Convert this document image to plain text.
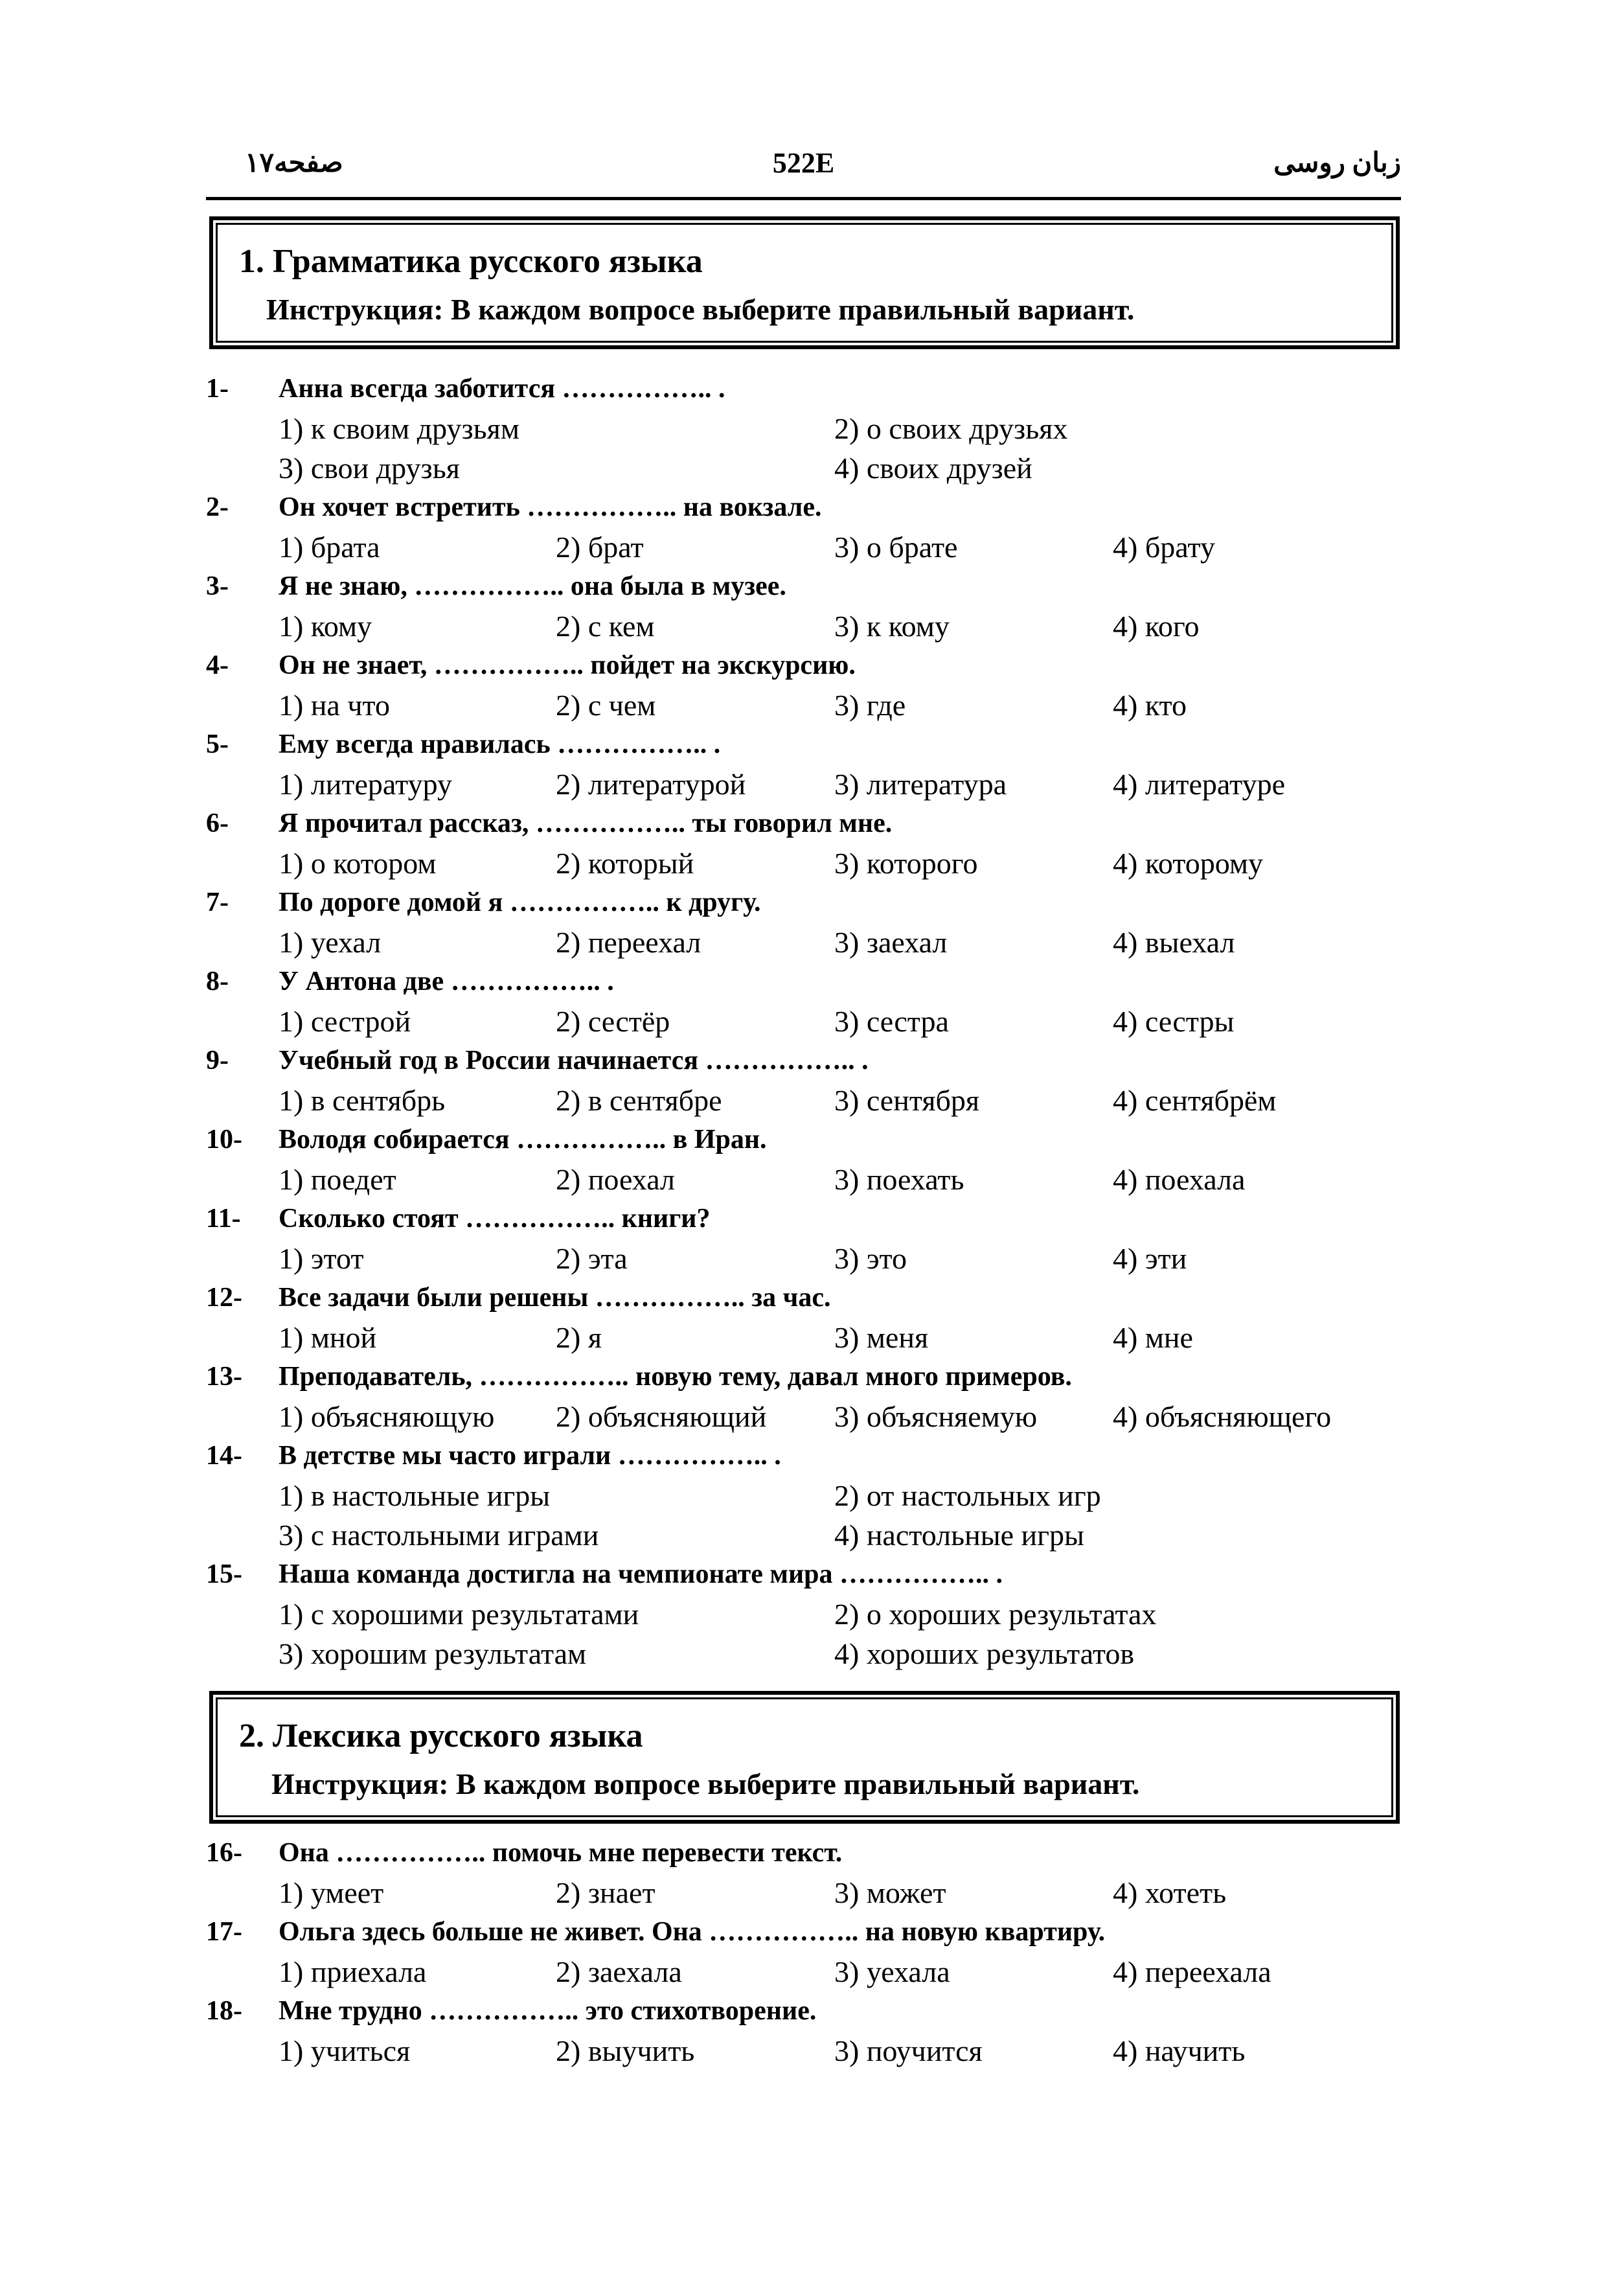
صفحه۱۷	522E	زبان روسی
1. Грамматика русского языка
Инструкция: В каждом вопросе выберите правильный вариант.
1- Анна всегда заботится …………….. .
1) к своим друзьям	2) о своих друзьях
3) свои друзья	4) своих друзей
2- Он хочет встретить …………….. на вокзале.
1) брата	2) брат	3) о брате	4) брату
3- Я не знаю, …………….. она была в музее.
1) кому	2) с кем	3) к кому	4) кого
4- Он не знает, …………….. пойдет на экскурсию.
1) на что	2) с чем	3) где	4) кто
5- Ему всегда нравилась …………….. .
1) литературу	2) литературой	3) литература	4) литературе
6- Я прочитал рассказ, …………….. ты говорил мне.
1) о котором	2) который	3) которого	4) которому
7- По дороге домой я …………….. к другу.
1) уехал	2) переехал	3) заехал	4) выехал
8- У Антона две …………….. .
1) сестрой	2) сестёр	3) сестра	4) сестры
9- Учебный год в России начинается …………….. .
1) в сентябрь	2) в сентябре	3) сентября	4) сентябрём
10- Володя собирается …………….. в Иран.
1) поедет	2) поехал	3) поехать	4) поехала
11- Сколько стоят …………….. книги?
1) этот	2) эта	3) это	4) эти
12- Все задачи были решены …………….. за час.
1) мной	2) я	3) меня	4) мне
13- Преподаватель, …………….. новую тему, давал много примеров.
1) объясняющую 2) объясняющий 3) объясняемую	4) объясняющего
14- В детстве мы часто играли …………….. .
1) в настольные игры	2) от настольных игр
3) с настольными играми	4) настольные игры
15- Наша команда достигла на чемпионате мира …………….. .
1) с хорошими результатами	2) о хороших результатах
3) хорошим результатам	4) хороших результатов
2. Лексика русского языка
Инструкция: В каждом вопросе выберите правильный вариант.
16- Она …………….. помочь мне перевести текст.
1) умеет	2) знает	3) может	4) хотеть
17- Ольга здесь больше не живет. Она …………….. на новую квартиру.
1) приехала	2) заехала	3) уехала	4) переехала
18- Мне трудно …………….. это стихотворение.
1) учиться	2) выучить	3) поучится	4) научить
